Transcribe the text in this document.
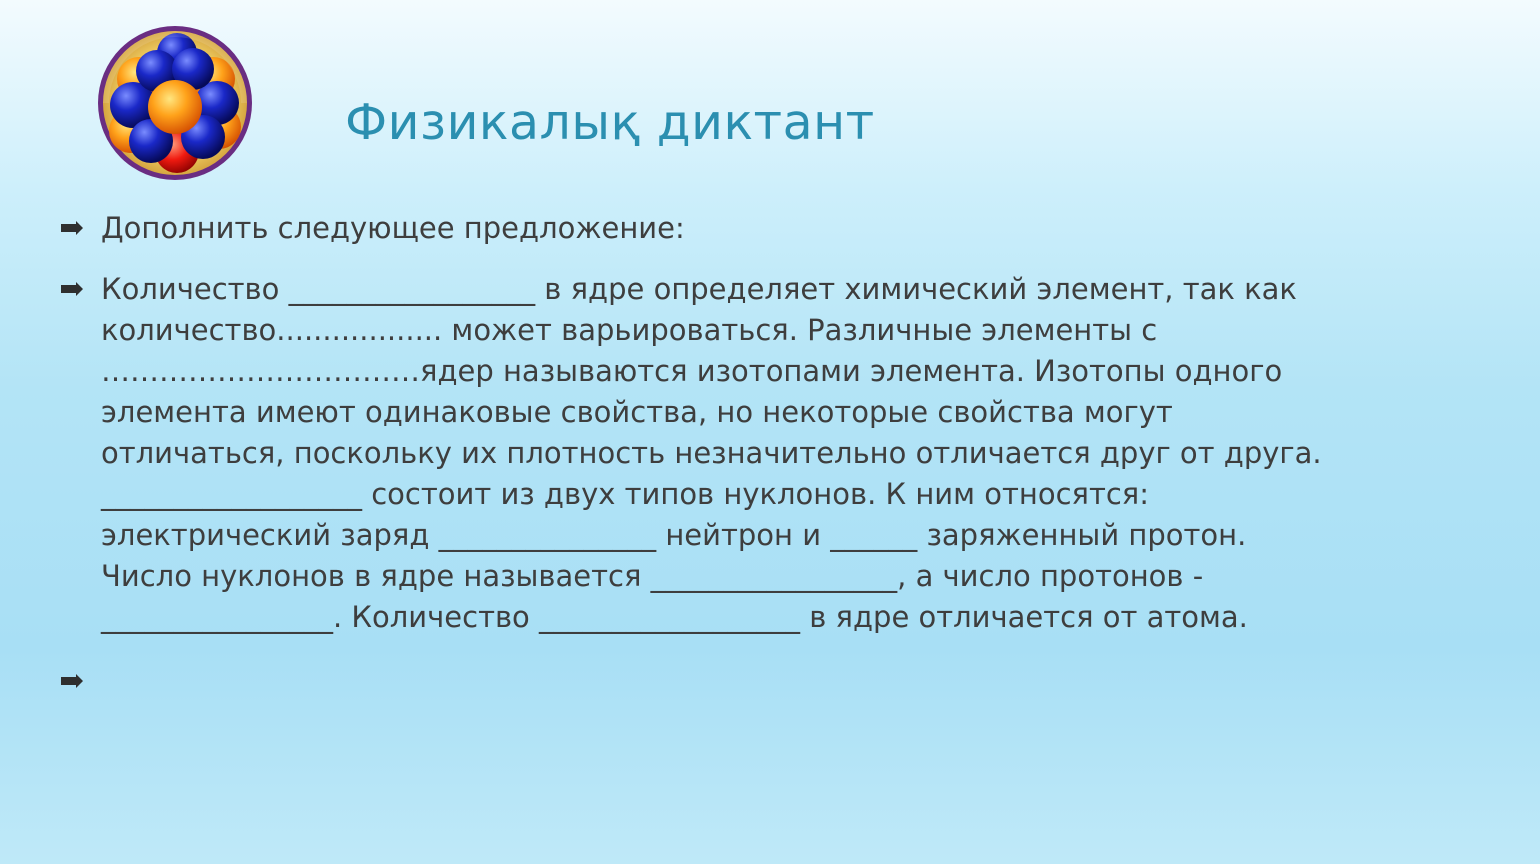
Физикалық диктант
Дополнить следующее предложение:
Количество _________________ в ядре определяет химический элемент, так как
количество.................. может варьироваться. Различные элементы с
……………………………ядер называются изотопами элемента. Изотопы одного
элемента имеют одинаковые свойства, но некоторые свойства могут
отличаться, поскольку их плотность незначительно отличается друг от друга.
__________________ состоит из двух типов нуклонов. К ним относятся:
электрический заряд _______________ нейтрон и ______ заряженный протон.
Число нуклонов в ядре называется _________________, а число протонов -
________________. Количество __________________ в ядре отличается от атома.
